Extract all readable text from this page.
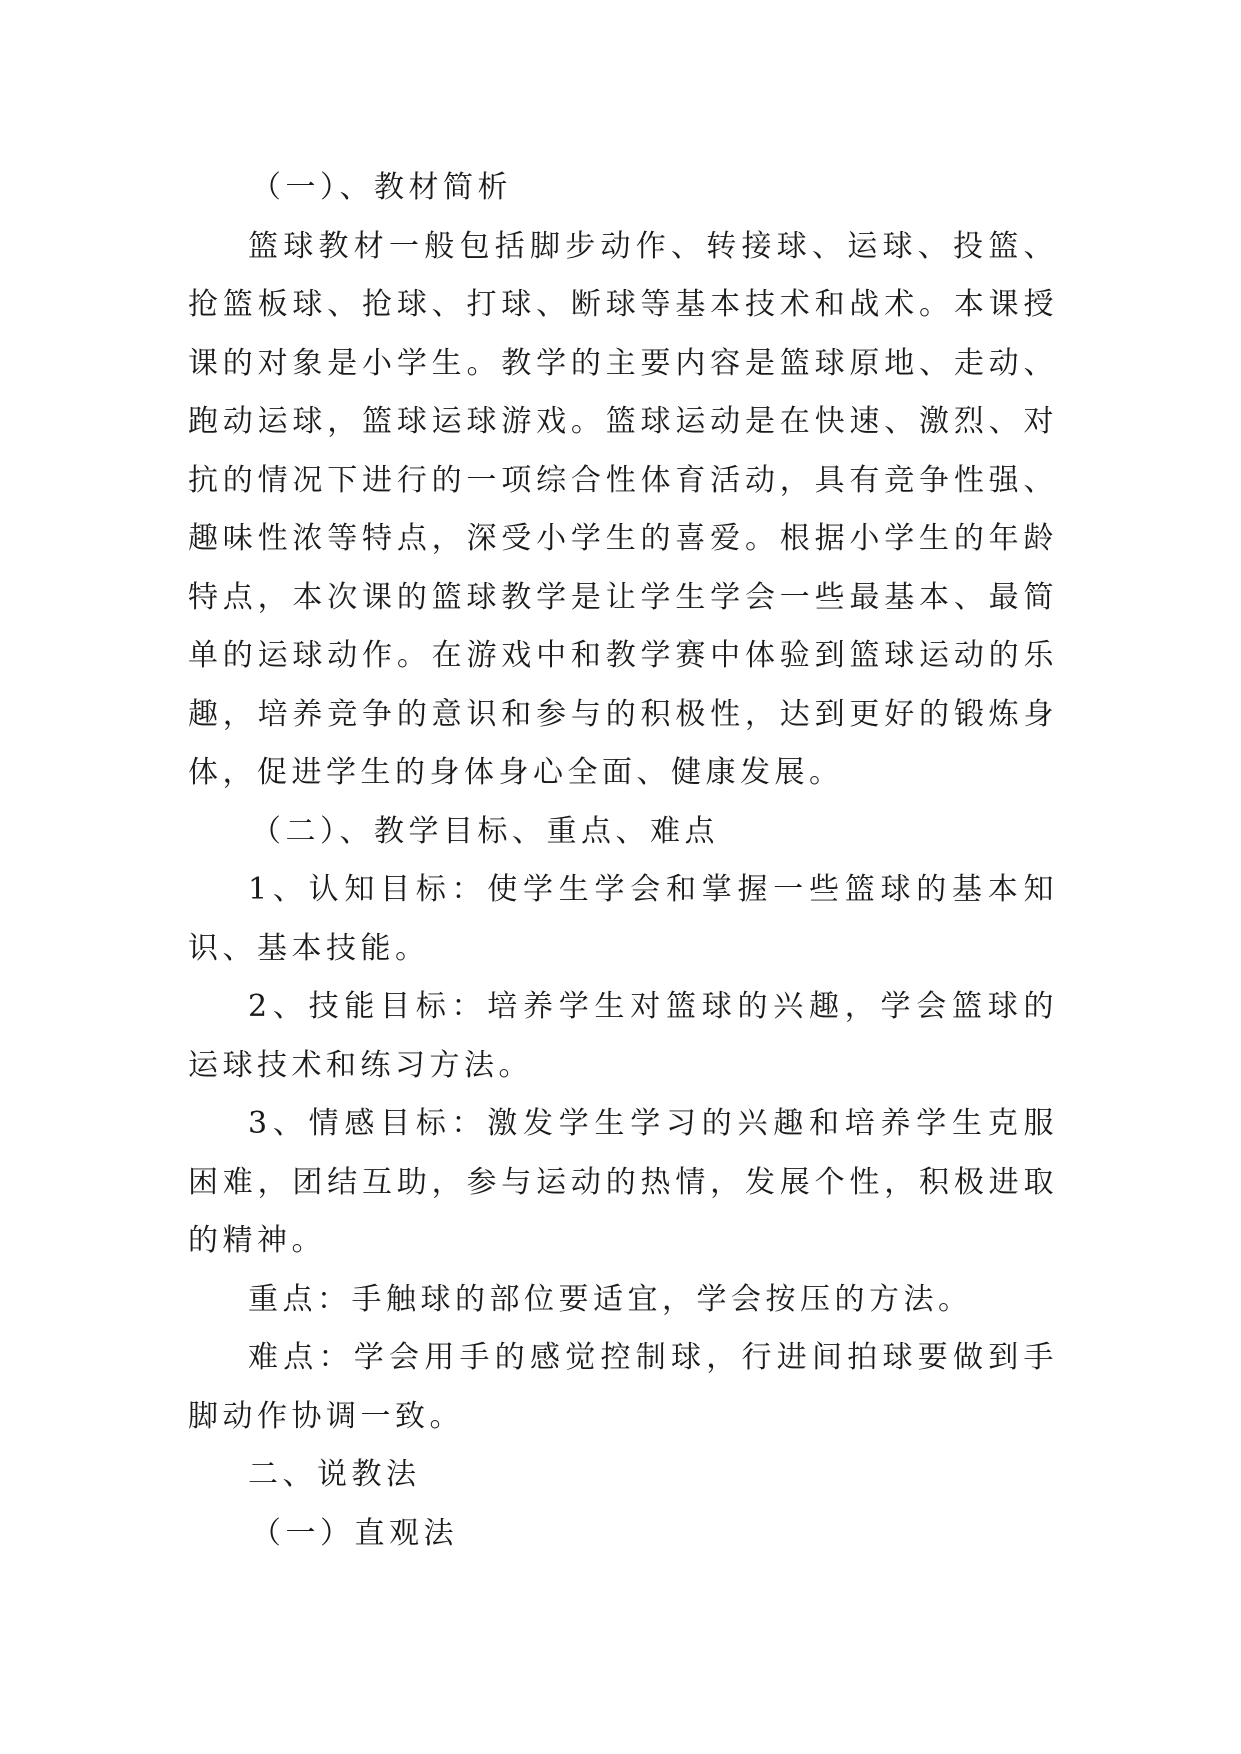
（一）、教材简析

篮球教材一般包括脚步动作、转接球、运球、投篮、抢篮板球、抢球、打球、断球等基本技术和战术。本课授课的对象是小学生。教学的主要内容是篮球原地、走动、跑动运球，篮球运球游戏。篮球运动是在快速、激烈、对抗的情况下进行的一项综合性体育活动，具有竞争性强、趣味性浓等特点，深受小学生的喜爱。根据小学生的年龄特点，本次课的篮球教学是让学生学会一些最基本、最简单的运球动作。在游戏中和教学赛中体验到篮球运动的乐趣，培养竞争的意识和参与的积极性，达到更好的锻炼身体，促进学生的身体身心全面、健康发展。

（二）、教学目标、重点、难点

1、认知目标：使学生学会和掌握一些篮球的基本知识、基本技能。

2、技能目标：培养学生对篮球的兴趣，学会篮球的运球技术和练习方法。

3、情感目标：激发学生学习的兴趣和培养学生克服困难，团结互助，参与运动的热情，发展个性，积极进取的精神。

重点：手触球的部位要适宜，学会按压的方法。

难点：学会用手的感觉控制球，行进间拍球要做到手脚动作协调一致。

二、说教法

（一）直观法
